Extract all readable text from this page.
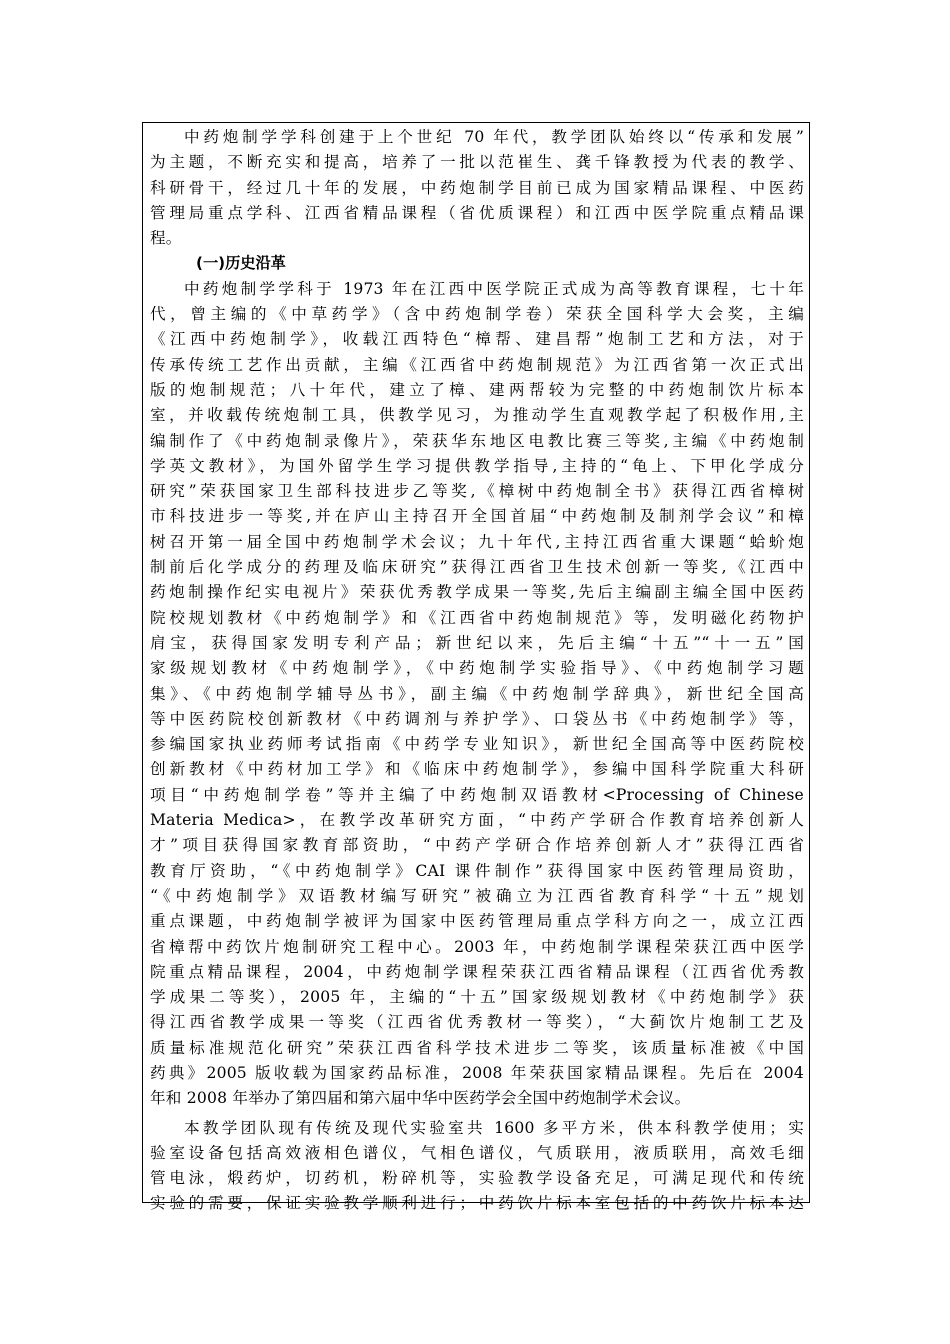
中药炮制学学科创建于上个世纪 70 年代，教学团队始终以“传承和发展”
为主题，不断充实和提高，培养了一批以范崔生、龚千锋教授为代表的教学、
科研骨干，经过几十年的发展，中药炮制学目前已成为国家精品课程、中医药
管理局重点学科、江西省精品课程（省优质课程）和江西中医学院重点精品课
程。
(一)历史沿革
中药炮制学学科于 1973 年在江西中医学院正式成为高等教育课程，七十年
代，曾主编的《中草药学》（含中药炮制学卷）荣获全国科学大会奖，主编
《江西中药炮制学》，收载江西特色“樟帮、建昌帮”炮制工艺和方法，对于
传承传统工艺作出贡献，主编《江西省中药炮制规范》为江西省第一次正式出
版的炮制规范；八十年代，建立了樟、建两帮较为完整的中药炮制饮片标本
室，并收载传统炮制工具，供教学见习，为推动学生直观教学起了积极作用,主
编制作了《中药炮制录像片》，荣获华东地区电教比赛三等奖,主编《中药炮制
学英文教材》，为国外留学生学习提供教学指导,主持的“龟上、下甲化学成分
研究”荣获国家卫生部科技进步乙等奖,《樟树中药炮制全书》获得江西省樟树
市科技进步一等奖,并在庐山主持召开全国首届“中药炮制及制剂学会议”和樟
树召开第一届全国中药炮制学术会议；九十年代,主持江西省重大课题“蛤蚧炮
制前后化学成分的药理及临床研究”获得江西省卫生技术创新一等奖,《江西中
药炮制操作纪实电视片》荣获优秀教学成果一等奖,先后主编副主编全国中医药
院校规划教材《中药炮制学》和《江西省中药炮制规范》等，发明磁化药物护
肩宝，获得国家发明专利产品；新世纪以来，先后主编“十五”“十一五”国
家级规划教材《中药炮制学》，《中药炮制学实验指导》、《中药炮制学习题
集》、《中药炮制学辅导丛书》，副主编《中药炮制学辞典》，新世纪全国高
等中医药院校创新教材《中药调剂与养护学》、口袋丛书《中药炮制学》等，
参编国家执业药师考试指南《中药学专业知识》，新世纪全国高等中医药院校
创新教材《中药材加工学》和《临床中药炮制学》，参编中国科学院重大科研
项目“中药炮制学卷”等并主编了中药炮制双语教材<Processing of Chinese
Materia Medica>，在教学改革研究方面，“中药产学研合作教育培养创新人
才”项目获得国家教育部资助，“中药产学研合作培养创新人才”获得江西省
教育厅资助，“《中药炮制学》CAI 课件制作”获得国家中医药管理局资助，
“《中药炮制学》双语教材编写研究”被确立为江西省教育科学“十五”规划
重点课题，中药炮制学被评为国家中医药管理局重点学科方向之一，成立江西
省樟帮中药饮片炮制研究工程中心。2003 年，中药炮制学课程荣获江西中医学
院重点精品课程，2004，中药炮制学课程荣获江西省精品课程（江西省优秀教
学成果二等奖），2005 年，主编的“十五”国家级规划教材《中药炮制学》获
得江西省教学成果一等奖（江西省优秀教材一等奖），“大蓟饮片炮制工艺及
质量标准规范化研究”荣获江西省科学技术进步二等奖，该质量标准被《中国
药典》2005 版收载为国家药品标准，2008 年荣获国家精品课程。先后在 2004
年和 2008 年举办了第四届和第六届中华中医药学会全国中药炮制学术会议。
本教学团队现有传统及现代实验室共 1600 多平方米，供本科教学使用；实
验室设备包括高效液相色谱仪，气相色谱仪，气质联用，液质联用，高效毛细
管电泳，煅药炉，切药机，粉碎机等，实验教学设备充足，可满足现代和传统
实验的需要，保证实验教学顺利进行；中药饮片标本室包括的中药饮片标本达
